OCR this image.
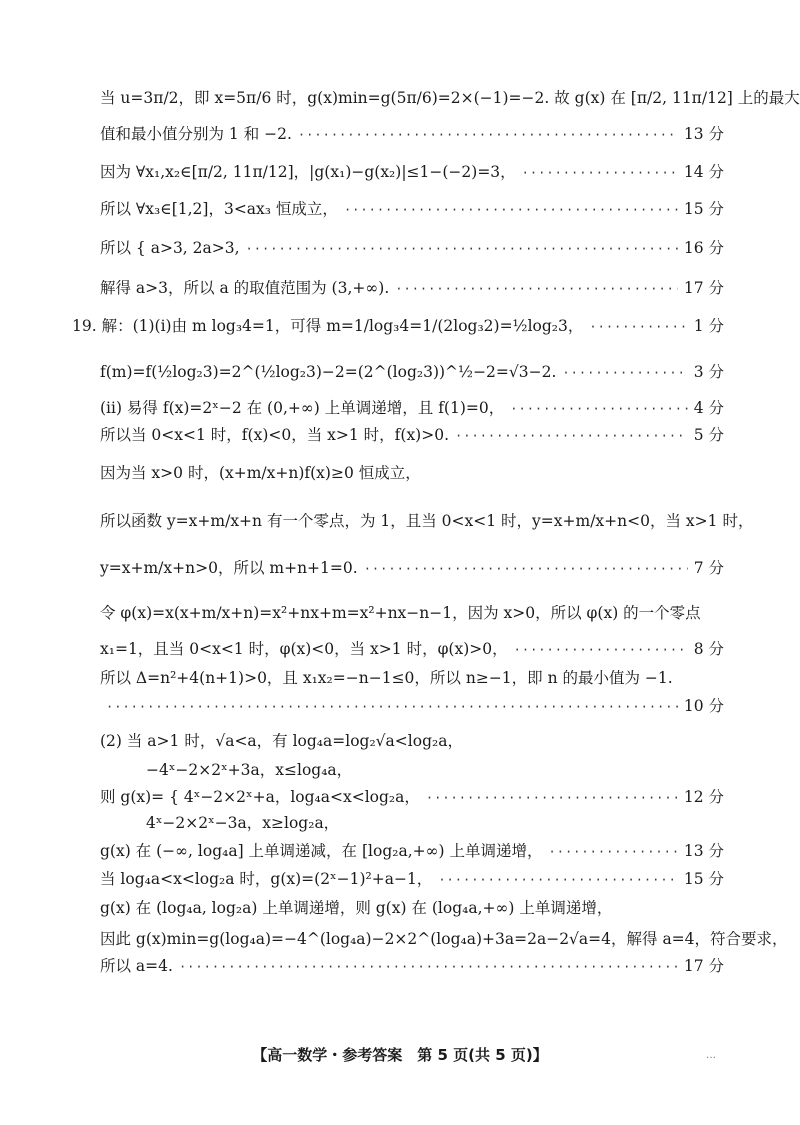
当 u=3π/2，即 x=5π/6 时，g(x)min=g(5π/6)=2×(−1)=−2. 故 g(x) 在 [π/2, 11π/12] 上的最大
值和最小值分别为 1 和 −2. ·····	13 分
因为 ∀x₁,x₂∈[π/2, 11π/12]，|g(x₁)−g(x₂)|≤1−(−2)=3， ·····	14 分
所以 ∀x₃∈[1,2]，3<ax₃ 恒成立， ·····	15 分
所以 { a>3, 2a>3, ·····	16 分
解得 a>3，所以 a 的取值范围为 (3,+∞). ·····	17 分
19. 解：(1)(ⅰ)由 m log₃4=1，可得 m=1/log₃4=1/(2log₃2)=½log₂3， ·····	1 分
f(m)=f(½log₂3)=2^(½log₂3)−2=(2^(log₂3))^½−2=√3−2. ·····	3 分
(ⅱ) 易得 f(x)=2ˣ−2 在 (0,+∞) 上单调递增，且 f(1)=0， ·····	4 分
所以当 0<x<1 时，f(x)<0，当 x>1 时，f(x)>0. ·····	5 分
因为当 x>0 时，(x+m/x+n)f(x)≥0 恒成立，
所以函数 y=x+m/x+n 有一个零点，为 1，且当 0<x<1 时，y=x+m/x+n<0，当 x>1 时，
y=x+m/x+n>0，所以 m+n+1=0. ·····	7 分
令 φ(x)=x(x+m/x+n)=x²+nx+m=x²+nx−n−1，因为 x>0，所以 φ(x) 的一个零点
x₁=1，且当 0<x<1 时，φ(x)<0，当 x>1 时，φ(x)>0， ·····	8 分
所以 Δ=n²+4(n+1)>0，且 x₁x₂=−n−1≤0，所以 n≥−1，即 n 的最小值为 −1.
·····
10 分
(2) 当 a>1 时，√a<a，有 log₄a=log₂√a<log₂a，
−4ˣ−2×2ˣ+3a，x≤log₄a，
则 g(x)= { 4ˣ−2×2ˣ+a，log₄a<x<log₂a， ·····	12 分
4ˣ−2×2ˣ−3a，x≥log₂a，
g(x) 在 (−∞, log₄a] 上单调递减，在 [log₂a,+∞) 上单调递增， ·····	13 分
当 log₄a<x<log₂a 时，g(x)=(2ˣ−1)²+a−1， ·····	15 分
g(x) 在 (log₄a, log₂a) 上单调递增，则 g(x) 在 (log₄a,+∞) 上单调递增，
因此 g(x)min=g(log₄a)=−4^(log₄a)−2×2^(log₄a)+3a=2a−2√a=4，解得 a=4，符合要求，
所以 a=4. ·····	17 分
【高一数学・参考答案　第 5 页(共 5 页)】	…
